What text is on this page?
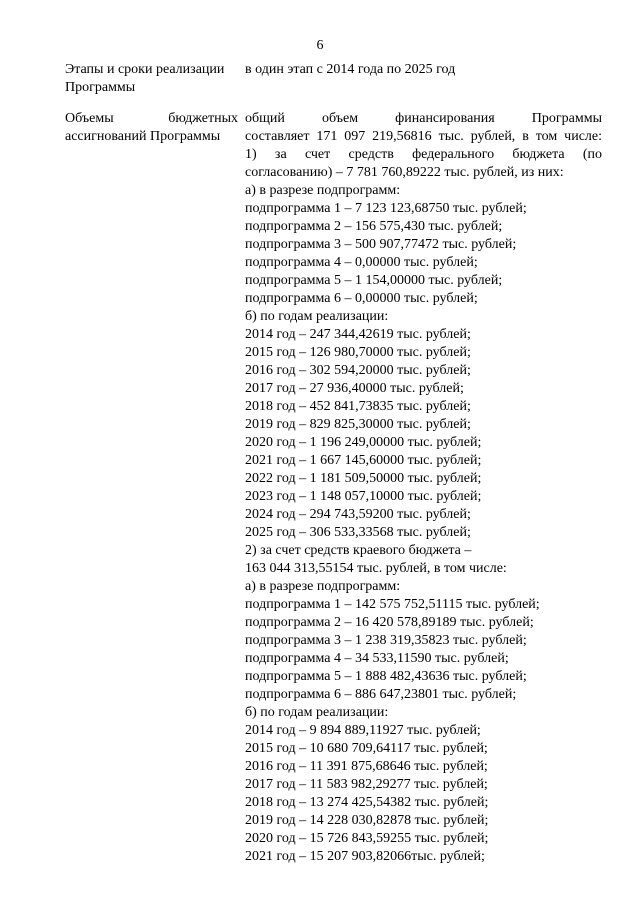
6
Этапы и сроки реализации
Программы
в один этап с 2014 года по 2025 год
Объемы бюджетных
ассигнований Программы
общий объем финансирования Программы
составляет 171 097 219,56816 тыс. рублей, в том числе:
1) за счет средств федерального бюджета (по
согласованию) – 7 781 760,89222 тыс. рублей, из них:
а) в разрезе подпрограмм:
подпрограмма 1 – 7 123 123,68750 тыс. рублей;
подпрограмма 2 – 156 575,430 тыс. рублей;
подпрограмма 3 – 500 907,77472 тыс. рублей;
подпрограмма 4 – 0,00000 тыс. рублей;
подпрограмма 5 – 1 154,00000 тыс. рублей;
подпрограмма 6 – 0,00000 тыс. рублей;
б) по годам реализации:
2014 год – 247 344,42619 тыс. рублей;
2015 год – 126 980,70000 тыс. рублей;
2016 год – 302 594,20000 тыс. рублей;
2017 год – 27 936,40000 тыс. рублей;
2018 год – 452 841,73835 тыс. рублей;
2019 год – 829 825,30000 тыс. рублей;
2020 год – 1 196 249,00000 тыс. рублей;
2021 год – 1 667 145,60000 тыс. рублей;
2022 год – 1 181 509,50000 тыс. рублей;
2023 год – 1 148 057,10000 тыс. рублей;
2024 год – 294 743,59200 тыс. рублей;
2025 год – 306 533,33568 тыс. рублей;
2) за счет средств краевого бюджета –
163 044 313,55154 тыс. рублей, в том числе:
а) в разрезе подпрограмм:
подпрограмма 1 – 142 575 752,51115 тыс. рублей;
подпрограмма 2 – 16 420 578,89189 тыс. рублей;
подпрограмма 3 – 1 238 319,35823 тыс. рублей;
подпрограмма 4 – 34 533,11590 тыс. рублей;
подпрограмма 5 – 1 888 482,43636 тыс. рублей;
подпрограмма 6 – 886 647,23801 тыс. рублей;
б) по годам реализации:
2014 год – 9 894 889,11927 тыс. рублей;
2015 год – 10 680 709,64117 тыс. рублей;
2016 год – 11 391 875,68646 тыс. рублей;
2017 год – 11 583 982,29277 тыс. рублей;
2018 год – 13 274 425,54382 тыс. рублей;
2019 год – 14 228 030,82878 тыс. рублей;
2020 год – 15 726 843,59255 тыс. рублей;
2021 год – 15 207 903,82066тыс. рублей;
